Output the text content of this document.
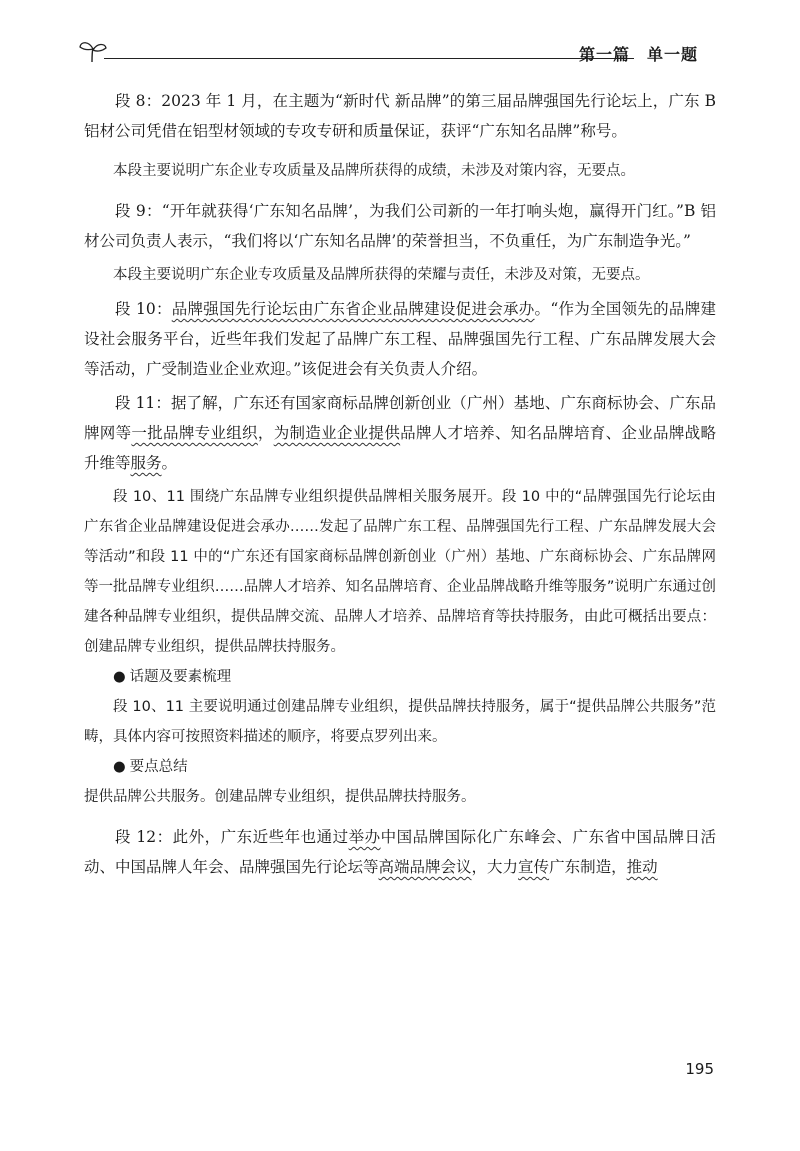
第一篇　单一题

段 8：2023 年 1 月，在主题为“新时代 新品牌”的第三届品牌强国先行论坛上，广东 B 铝材公司凭借在铝型材领域的专攻专研和质量保证，获评“广东知名品牌”称号。

本段主要说明广东企业专攻质量及品牌所获得的成绩，未涉及对策内容，无要点。

段 9：“开年就获得‘广东知名品牌’，为我们公司新的一年打响头炮，赢得开门红。”B 铝材公司负责人表示，“我们将以‘广东知名品牌’的荣誉担当，不负重任，为广东制造争光。”

本段主要说明广东企业专攻质量及品牌所获得的荣耀与责任，未涉及对策，无要点。

段 10：品牌强国先行论坛由广东省企业品牌建设促进会承办。“作为全国领先的品牌建设社会服务平台，近些年我们发起了品牌广东工程、品牌强国先行工程、广东品牌发展大会等活动，广受制造业企业欢迎。”该促进会有关负责人介绍。

段 11：据了解，广东还有国家商标品牌创新创业（广州）基地、广东商标协会、广东品牌网等一批品牌专业组织，为制造业企业提供品牌人才培养、知名品牌培育、企业品牌战略升维等服务。

段 10、11 围绕广东品牌专业组织提供品牌相关服务展开。段 10 中的“品牌强国先行论坛由广东省企业品牌建设促进会承办……发起了品牌广东工程、品牌强国先行工程、广东品牌发展大会等活动”和段 11 中的“广东还有国家商标品牌创新创业（广州）基地、广东商标协会、广东品牌网等一批品牌专业组织……品牌人才培养、知名品牌培育、企业品牌战略升维等服务”说明广东通过创建各种品牌专业组织，提供品牌交流、品牌人才培养、品牌培育等扶持服务，由此可概括出要点：创建品牌专业组织，提供品牌扶持服务。

● 话题及要素梳理

段 10、11 主要说明通过创建品牌专业组织，提供品牌扶持服务，属于“提供品牌公共服务”范畴，具体内容可按照资料描述的顺序，将要点罗列出来。

● 要点总结

提供品牌公共服务。创建品牌专业组织，提供品牌扶持服务。

段 12：此外，广东近些年也通过举办中国品牌国际化广东峰会、广东省中国品牌日活动、中国品牌人年会、品牌强国先行论坛等高端品牌会议，大力宣传广东制造，推动

195
